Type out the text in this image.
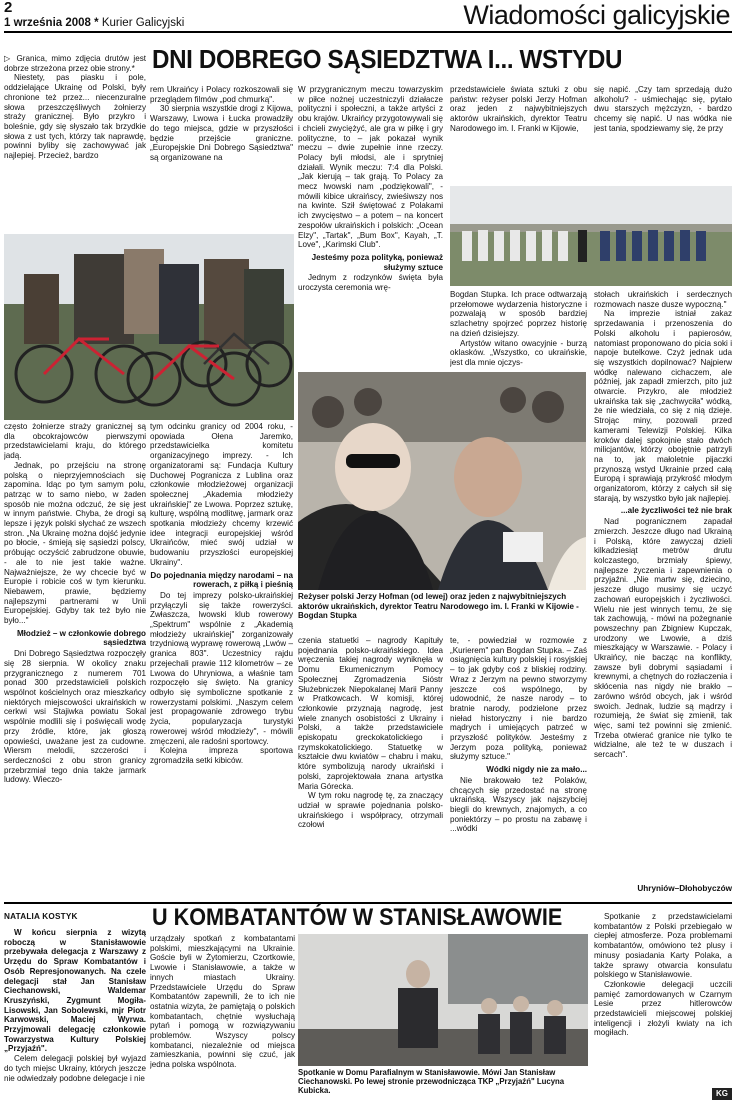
2
1 września 2008 * Kurier Galicyjski	Wiadomości galicyjskie
DNI DOBREGO SĄSIEDZTWA I... WSTYDU

▷ Granica, mimo zdjęcia drutów jest dobrze strzeżona przez obie strony.*

Niestety, pas piasku i pole, oddzielające Ukrainę od Polski, były chronione też przez... niecenzuralne słowa przeszczęśliwych żołnierzy straży granicznej. Było przykro i boleśnie, gdy się słyszało tak brzydkie słowa z ust tych, którzy tak naprawdę, powinni byliby się zachowywać jak najlepiej. Przecież, bardzo

rem Ukraińcy i Polacy rozkoszowali się przeglądem filmów „pod chmurką".

30 sierpnia wszystkie drogi z Kijowa, Warszawy, Lwowa i Łucka prowadziły do tego miejsca, gdzie w przyszłości będzie przejście graniczne. „Europejskie Dni Dobrego Sąsiedztwa" są organizowane na

często żołnierze straży granicznej są dla obcokrajowców pierwszymi przedstawicielami kraju, do którego jadą.

Jednak, po przejściu na stronę polską o nieprzyjemnościach się zapomina. Idąc po tym samym polu, patrząc w to samo niebo, w żaden sposób nie można odczuć, że się jest w innym państwie. Chyba, że drogi są lepsze i język polski słychać ze wszech stron. „Na Ukrainę można dojść jedynie po błocie, - śmieją się sąsiedzi polscy, próbując oczyścić zabrudzone obuwie, - ale to nie jest takie ważne. Najważniejsze, że wy chcecie być w Europie i robicie coś w tym kierunku. Niebawem, prawie, będziemy najlepszymi partnerami w Unii Europejskiej. Gdyby tak też było nie było..."

Młodzież – w członkowie dobrego sąsiedztwa

Dni Dobrego Sąsiedztwa rozpoczęły się 28 sierpnia. W okolicy znaku przygranicznego z numerem 701 ponad 300 przedstawicieli polskich wspólnot kościelnych oraz mieszkańcy niektórych miejscowości ukraińskich w cerkwi wsi Stajiwka powiatu Sokal wspólnie modlili się i poświęcali wodę przy źródle, które, jak głoszą opowieści, uważane jest za cudowne. Wiersm melodii, szczerości i serdeczności z obu stron granicy przebrzmiał tego dnia także jarmark ludowy. Wieczo-

tym odcinku granicy od 2004 roku, - opowiada Ołena Jaremko, przedstawicielka komitetu organizacyjnego imprezy. - Ich organizatorami są: Fundacja Kultury Duchowej Pogranicza z Lublina oraz członkowie młodzieżowej organizacji społecznej „Akademia młodzieży ukraińskiej" ze Lwowa. Poprzez sztukę, kulturę, wspólną modlitwę, jarmark oraz spotkania młodzieży chcemy krzewić idee integracji europejskiej wśród Ukraińców, mieć swój udział w budowaniu przyszłości europejskiej Ukrainy".

Do pojednania między narodami – na rowerach, z piłką i pieśnią

Do tej imprezy polsko-ukraińskiej przyłączyli się także rowerzyści. Zwłaszcza, lwowski klub rowerowy „Spektrum" wspólnie z „Akademią młodzieży ukraińskiej" zorganizowały trzydniową wyprawę rowerową „Lwów – granica 803". Uczestnicy rajdu przejechali prawie 112 kilometrów – ze Lwowa do Uhryniowa, a właśnie tam rozpoczęło się święto. Na granicy odbyło się symboliczne spotkanie z rowerzystami polskimi. „Naszym celem jest propagowanie zdrowego trybu życia, popularyzacja turystyki rowerowej wśród młodzieży", - mówili zmęczeni, ale radośni sportowcy.

Kolejna impreza sportowa zgromadziła setki kibiców.

W przygranicznym meczu towarzyskim w piłce nożnej uczestniczyli działacze polityczni i społeczni, a także artyści z obu krajów. Ukraińcy przygotowywali się i chcieli zwyciężyć, ale gra w piłkę i gry polityczne, to – jak pokazał wynik meczu – dwie zupełnie inne rzeczy. Polacy byli młodsi, ale i sprytniej działali. Wynik meczu: 7:4 dla Polski. „Jak kierują – tak grają. To Polacy za mecz lwowski nam „podziękowali", - mówili kibice ukraińscy, zwieśiwszy nos na kwinte. Sził świętować z Polakami ich zwycięstwo – a potem – na koncert zespołów ukraińskich i polskich: „Ocean Elzy", „Tartak", „Bum Box", Kayah, „T. Love", „Karimski Club".

Jesteśmy poza polityką, ponieważ służymy sztuce

Jednym z rodzynków święta była uroczysta ceremonia wrę-

przedstawiciele świata sztuki z obu państw: reżyser polski Jerzy Hofman oraz jeden z najwybitniejszych aktorów ukraińskich, dyrektor Teatru Narodowego im. I. Franki w Kijowie,

się napić. „Czy tam sprzedają dużo alkoholu? - uśmiechając się, pytało dwu starszych mężczyzn, - bardzo chcemy się napić. U nas wódka nie jest tania, spodziewamy się, że przy

Bogdan Stupka. Ich prace odtwarzają przełomowe wydarzenia historyczne i pozwalają w sposób bardziej szlachetny spojrzeć poprzez historię na dzień dzisiejszy.

Artystów witano owacyjnie - burzą oklasków. „Wszystko, co ukraińskie, jest dla mnie ojczys-

stołach ukraińskich i serdecznych rozmowach nasze dusze wypoczną."

Na imprezie istniał zakaz sprzedawania i przenoszenia do Polski alkoholu i papierosów, natomiast proponowano do picia soki i napoje butelkowe. Czyż jednak uda się wszystkich dopilnować? Najpierw wódkę nalewano cichaczem, ale później, jak zapadł zmierzch, pito już otwarcie. Przykro, ale młodzież ukraińska tak się „zachwyciła" wódką, że nie wiedziała, co się z nią dzieje. Strojąc miny, pozowali przed kamerami Telewizji Polskiej. Kilka kroków dalej spokojnie stało dwóch milicjantów, którzy obojętnie patrzyli na to, jak małoletnie pijaczki przynoszą wstyd Ukrainie przed całą Europą i sprawiają przykrość młodym organizatorom, którzy z całych sił się starają, by wszystko było jak najlepiej.

...ale życzliwości też nie brak

Nad pogranicznem zapadał zmierzch. Jeszcze długo nad Ukrainą i Polską, które zawyczaj dzieli kilkadziesiąt metrów drutu kolczastego, brzmiały śpiewy, najlepsze życzenia i zapewnienia o przyjaźni. „Nie martw się, dziecino, jeszcze długo musimy się uczyć zachowań europejskich i życzliwości. Wielu nie jest winnych temu, że się tak zachowują, - mówi na pożegnanie powszechny pan Zbigniew Kupczak, urodzony we Lwowie, a dziś mieszkający w Warszawie. - Polacy i Ukraińcy, nie bacząc na konflikty, zawsze byli dobrymi sąsiadami i krewnymi, a chętnych do rozłaczenia i skłócenia nas nigdy nie brakło – zarówno wśród obcych, jak i wśród swoich. Jednak, ludzie są mądrzy i rozumieją, że świat się zmienił, tak więc, sami też powinni się zmienić. Trzeba otwierać granice nie tylko te widzialne, ale też te w duszach i sercach".

Uhryniów–Dłohobyczów
Reżyser polski Jerzy Hofman (od lewej) oraz jeden z najwybitniejszych aktorów ukraińskich, dyrektor Teatru Narodowego im. I. Franki w Kijowie - Bogdan Stupka

czenia statuetki – nagrody Kapituły pojednania polsko-ukraińskiego. Idea wręczenia takiej nagrody wyniknęła w Domu Ekumenicznym Pomocy Społecznej Zgromadzenia Sióstr Służebniczek Niepokalanej Marii Panny w Pratkowcach. W komisji, której członkowie przyznają nagrodę, jest wiele znanych osobistości z Ukrainy i Polski, a także przedstawiciele episkopatu greckokatolickiego i rzymskokatolickiego. Statuetkę w kształcie dwu kwiatów – chabru i maku, które symbolizują narody ukraiński i polski, zaprojektowała znana artystka Maria Górecka.

W tym roku nagrodę tę, za znaczący udział w sprawie pojednania polsko-ukraińskiego i współpracy, otrzymali czołowi

te, - powiedział w rozmowie z „Kurierem" pan Bogdan Stupka. – Zaś osiągnięcia kultury polskiej i rosyjskiej – to jak gdyby coś z bliskiej rodziny. Wraz z Jerzym na pewno stworzymy jeszcze coś wspólnego, by udowodnić, że nasze narody – to bratnie narody, podzielone przez nieład historyczny i nie bardzo mądrych i umiejących patrzeć w przyszłość polityków. Jesteśmy z Jerzym poza polityką, ponieważ służymy sztuce."

Wódki nigdy nie za mało...

Nie brakowało też Polaków, chcących się przedostać na stronę ukraińską. Wszyscy jak najszybciej biegli do krewnych, znajomych, a co poniektórzy – po prostu na zabawę i ...wódki

NATALIA KOSTYK	U KOMBATANTÓW W STANISŁAWOWIE

W końcu sierpnia z wizytą roboczą w Stanisławowie przebywała delegacja z Warszawy z Urzędu do Spraw Kombatantów i Osób Represjonowanych. Na czele delegacji stał Jan Stanisław Ciechanowski, Waldemar Kruszyński, Zygmunt Mogiła-Lisowski, Jan Sobolewski, mjr Piotr Karwowski, Maciej Wyrwa. Przyjmowali delegację członkowie Towarzystwa Kultury Polskiej „Przyjaźń".

Celem delegacji polskiej był wyjazd do tych miejsc Ukrainy, których jeszcze nie odwiedzały podobne delegacje i nie

urządzały spotkań z kombatantami polskimi, mieszkającymi na Ukrainie. Goście byli w Żytomierzu, Czortkowie, Lwowie i Stanisławowie, a także w innych miastach Ukrainy. Przedstawiciele Urzędu do Spraw Kombatantów zapewnili, że to ich nie ostatnia wizyta, że pamiętają o polskich kombatantach, chętnie wysłuchają pytań i pomogą w rozwiązywaniu problemów. Wszyscy polscy kombatanci, niezależnie od miejsca zamieszkania, powinni się czuć, jak jedna polska wspólnota.

Spotkanie w Domu Parafialnym w Stanisławowie. Mówi Jan Stanisław Ciechanowski. Po lewej stronie przewodnicząca TKP „Przyjaźń" Lucyna Kubicka.

Spotkanie z przedstawicielami kombatantów z Polski przebiegało w ciepłej atmosferze. Poza problemami kombatantów, omówiono też plusy i minusy posiadania Karty Polaka, a także sprawy otwarcia konsulatu polskiego w Stanisławowie.

Członkowie delegacji uczcili pamięć zamordowanych w Czarnym Lesie przez hitlerowców przedstawicieli miejscowej polskiej inteligencji i złożyli kwiaty na ich mogiłach.

KG
